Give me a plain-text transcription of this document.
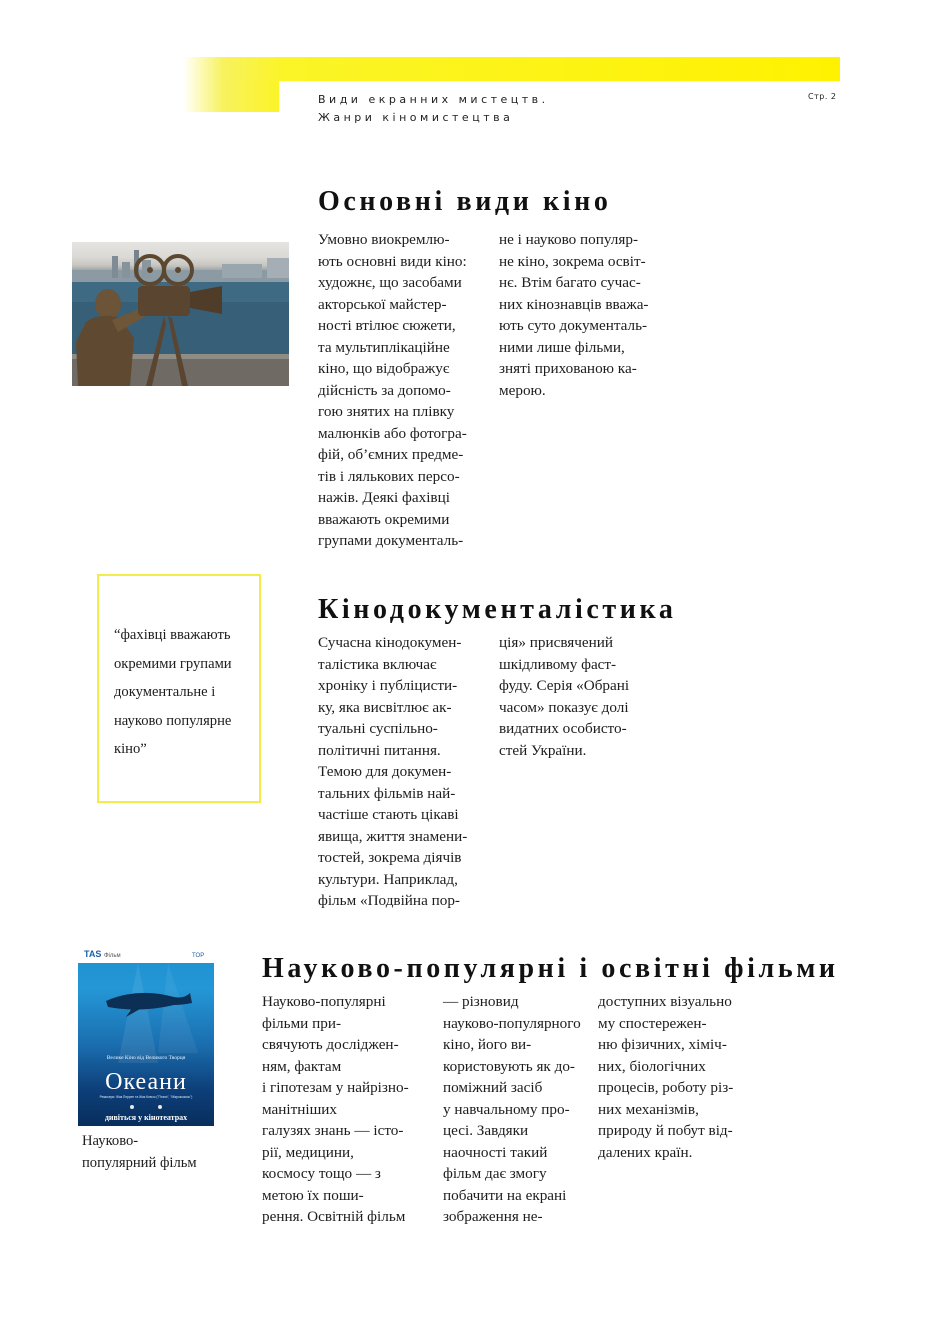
Види екранних мистецтв.
Жанри кіномистецтва
Стр. 2
Основні види кіно
Умовно виокремлю-
ють основні види кіно:
художнє, що засобами
акторської майстер-
ності втілює сюжети,
та мультиплікаційне
кіно, що відображує
дійсність за допомо-
гою знятих на плівку
малюнків або фотогра-
фій, об’ємних предме-
тів і лялькових персо-
нажів. Деякі фахівці
вважають окремими
групами документаль-
не і науково популяр-
не кіно, зокрема освіт-
нє. Втім багато сучас-
них кінознавців вважа-
ють суто документаль-
ними лише фільми,
зняті прихованою ка-
мерою.
“фахівці вважають
окремими групами
документальне і
науково популярне
кіно”
Кінодокументалістика
Сучасна кінодокумен-
талістика включає
хроніку і публіцисти-
ку, яка висвітлює ак-
туальні суспільно-
політичні питання.
Темою для докумен-
тальних фільмів най-
частіше стають цікаві
явища, життя знамени-
тостей, зокрема діячів
культури. Наприклад,
фільм «Подвійна пор-
ція» присвячений
шкідливому фаст-
фуду. Серія «Обрані
часом» показує долі
видатних особисто-
стей України.
TAS Фільм	TOP
Велике Кіно від Великого Творця
Океани
Режисери: Жак Перрен та Жак Клюзо ("Птахи", "Мікрокосмос")
дивіться у кінотеатрах
Науково-
популярний фільм
Науково-популярні і освітні фільми
Науково-популярні
фільми при-
свячують дослiджен-
ням, фактам
і гіпотезам у найрізно-
манітніших
галузях знань — істо-
рії, медицини,
космосу тощо — з
метою їх поши-
рення. Освітній фільм
— різновид
науково-популярного
кіно, його ви-
користовують як до-
поміжний засіб
у навчальному про-
цесі. Завдяки
наочності такий
фільм дає змогу
побачити на екрані
зображення не-
доступних візуально
му спостережен-
ню фізичних, хіміч-
них, біологічних
процесів, роботу різ-
них механізмів,
природу й побут від-
далених країн.
